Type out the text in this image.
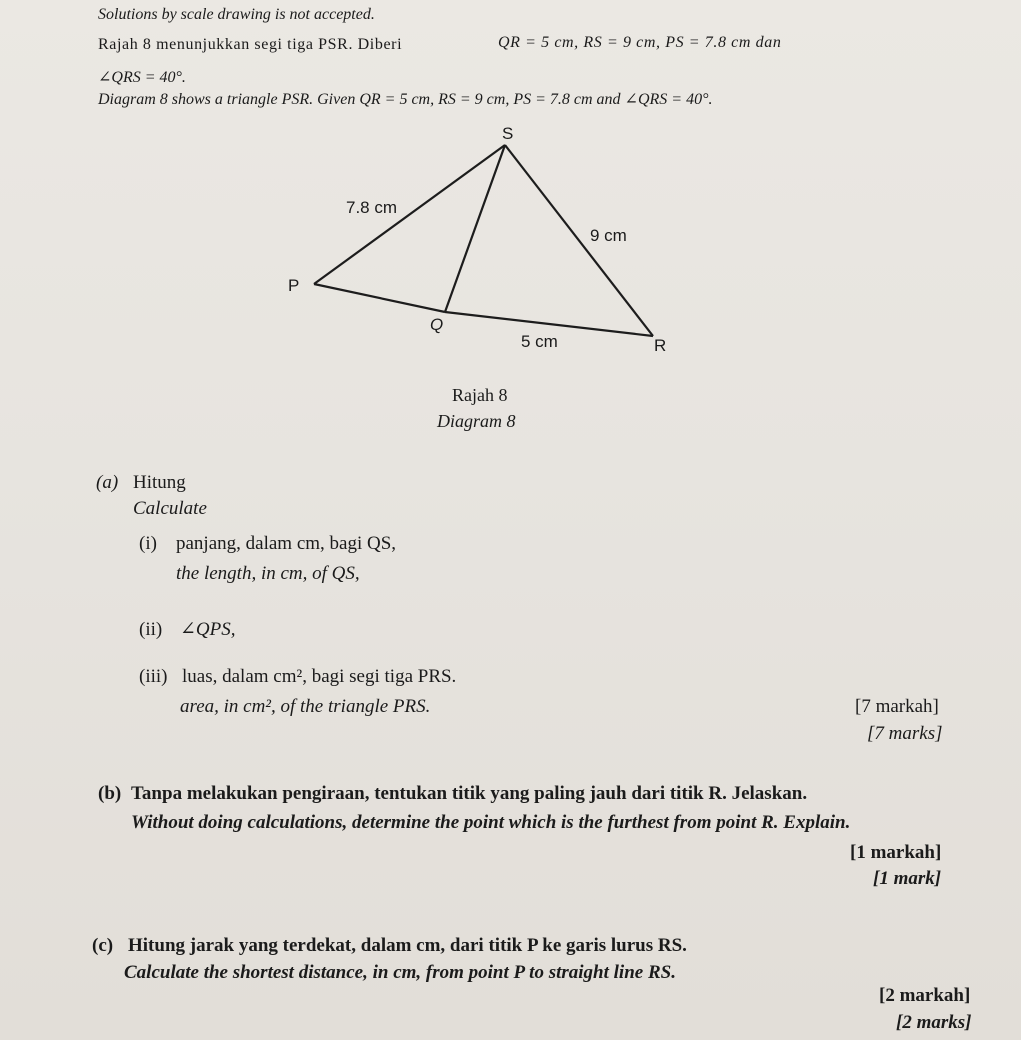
Solutions by scale drawing is not accepted.
Rajah 8 menunjukkan segi tiga PSR. Diberi	QR = 5 cm, RS = 9 cm, PS = 7.8 cm dan
∠QRS = 40°.
Diagram 8 shows a triangle PSR. Given QR = 5 cm, RS = 9 cm, PS = 7.8 cm and ∠QRS = 40°.
S
P
Q
R
7.8 cm
9 cm
5 cm
Rajah 8
Diagram 8
(a) Hitung
Calculate
(i) panjang, dalam cm, bagi QS,
the length, in cm, of QS,
(ii) ∠QPS,
(iii) luas, dalam cm², bagi segi tiga PRS.
area, in cm², of the triangle PRS.	[7 markah]
[7 marks]
(b) Tanpa melakukan pengiraan, tentukan titik yang paling jauh dari titik R. Jelaskan.
Without doing calculations, determine the point which is the furthest from point R. Explain.
[1 markah]
[1 mark]
(c) Hitung jarak yang terdekat, dalam cm, dari titik P ke garis lurus RS.
Calculate the shortest distance, in cm, from point P to straight line RS.
[2 markah]
[2 marks]
